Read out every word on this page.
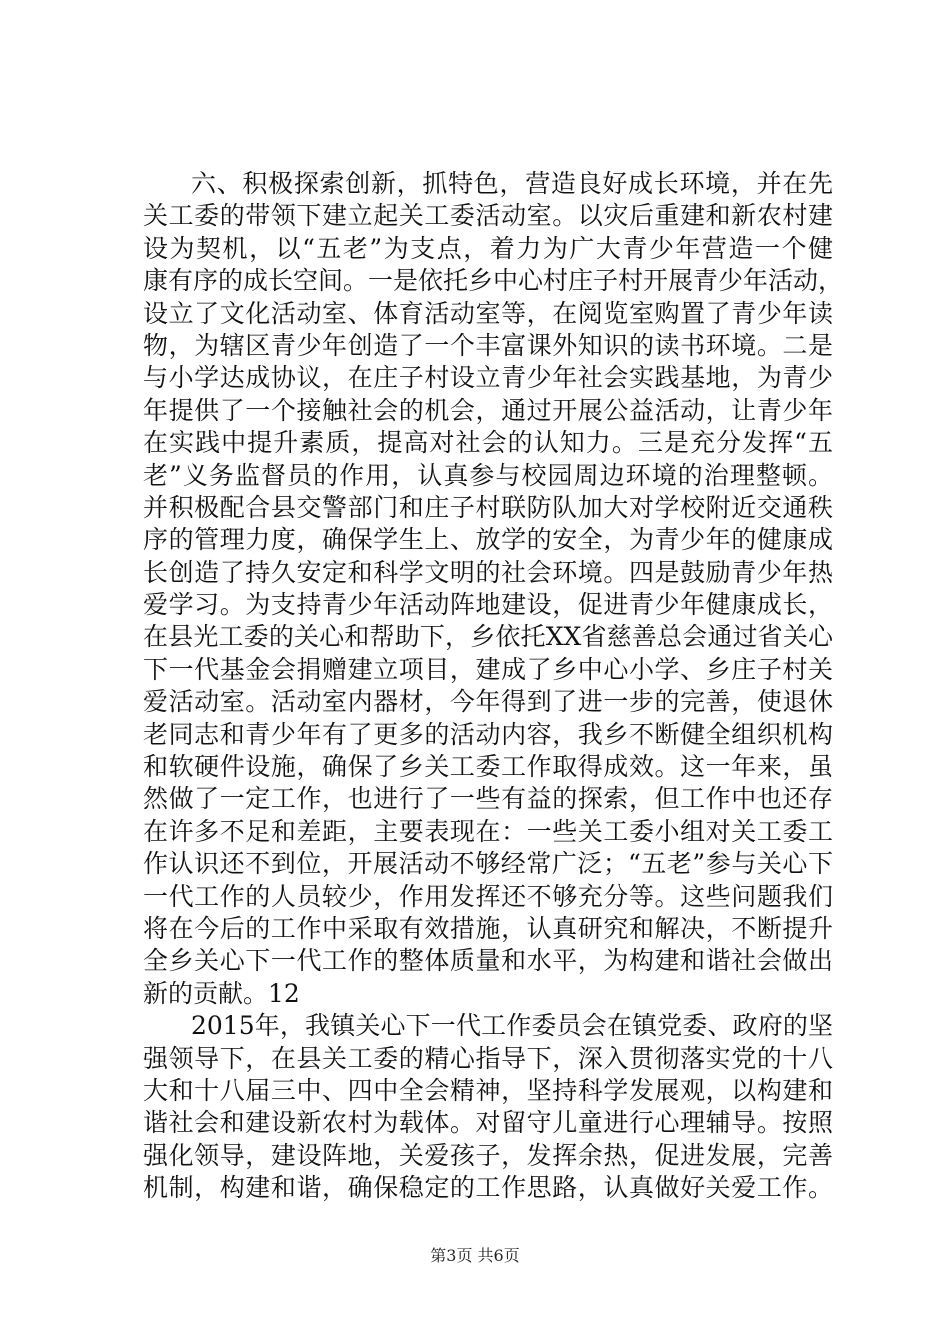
六、积极探索创新，抓特色，营造良好成长环境，并在先
关工委的带领下建立起关工委活动室。以灾后重建和新农村建
设为契机，以“五老”为支点，着力为广大青少年营造一个健
康有序的成长空间。一是依托乡中心村庄子村开展青少年活动，
设立了文化活动室、体育活动室等，在阅览室购置了青少年读
物，为辖区青少年创造了一个丰富课外知识的读书环境。二是
与小学达成协议，在庄子村设立青少年社会实践基地，为青少
年提供了一个接触社会的机会，通过开展公益活动，让青少年
在实践中提升素质，提高对社会的认知力。三是充分发挥“五
老”义务监督员的作用，认真参与校园周边环境的治理整顿。
并积极配合县交警部门和庄子村联防队加大对学校附近交通秩
序的管理力度，确保学生上、放学的安全，为青少年的健康成
长创造了持久安定和科学文明的社会环境。四是鼓励青少年热
爱学习。为支持青少年活动阵地建设，促进青少年健康成长，
在县光工委的关心和帮助下，乡依托XX省慈善总会通过省关心
下一代基金会捐赠建立项目，建成了乡中心小学、乡庄子村关
爱活动室。活动室内器材，今年得到了进一步的完善，使退休
老同志和青少年有了更多的活动内容，我乡不断健全组织机构
和软硬件设施，确保了乡关工委工作取得成效。这一年来，虽
然做了一定工作，也进行了一些有益的探索，但工作中也还存
在许多不足和差距，主要表现在：一些关工委小组对关工委工
作认识还不到位，开展活动不够经常广泛；“五老”参与关心下
一代工作的人员较少，作用发挥还不够充分等。这些问题我们
将在今后的工作中采取有效措施，认真研究和解决，不断提升
全乡关心下一代工作的整体质量和水平，为构建和谐社会做出
新的贡献。12
2015年，我镇关心下一代工作委员会在镇党委、政府的坚
强领导下，在县关工委的精心指导下，深入贯彻落实党的十八
大和十八届三中、四中全会精神，坚持科学发展观，以构建和
谐社会和建设新农村为载体。对留守儿童进行心理辅导。按照
强化领导，建设阵地，关爱孩子，发挥余热，促进发展，完善
机制，构建和谐，确保稳定的工作思路，认真做好关爱工作。
第3页 共6页
